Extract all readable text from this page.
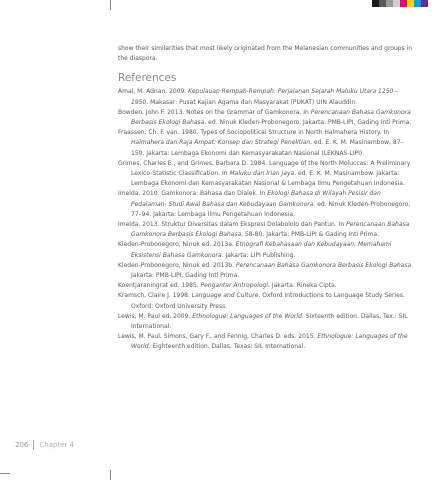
show their similarities that most likely originated from the Melanesian communities and groups in the diaspora.

References

Amal, M. Adnan. 2009. Kepulauan Rempah-Rempah: Perjalanan Sejarah Maluku Utara 1250 – 1950. Makasar: Pusat Kajian Agama dan Masyarakat (PUKAT) UIN Alauddin.

Bowden, John F. 2013. Notes on the Grammar of Gamkonora. In Perencanaan Bahasa Gamkonora Berbasis Ekologi Bahasa. ed. Ninuk Kleden-Probonegoro. Jakarta: PMB-LIPI, Gading Inti Prima.

Fraassen, Ch. F. van. 1980. Types of Sociopolitical Structure in North Halmahera History. In Halmahera dan Raja Ampat: Konsep dan Strategi Penelitian. ed. E. K. M. Masinambow, 87–150. Jakarta: Lembaga Ekonomi dan Kemasyarakatan Nasional (LEKNAS-LIPI).

Grimes, Charles E., and Grimes, Barbara D. 1984. Language of the North Moluccas: A Preliminary Lexico-Statistic Classification. In Maluku dan Irian Jaya. ed. E. K. M. Masinambow. Jakarta: Lembaga Ekonomi dan Kemasyarakatan Nasional & Lembaga Ilmu Pengetahuan Indonesia.

Imelda. 2010. Gamkonora: Bahasa dan Dialek. In Ekologi Bahasa di Wilayah Pesisir dan Pedalaman- Studi Awal Bahasa dan Kebudayaan Gamkonora. ed. Ninuk Kleden-Probonegoro, 77–94. Jakarta: Lembaga Ilmu Pengetahuan Indonesia.

Imelda. 2013. Struktur Diversitas dalam Ekspresi Dolabololo dan Pantun. In Perencanaan Bahasa Gamkonora Berbasis Ekologi Bahasa, 58-80. Jakarta: PMB-LIPI & Gading Inti Prima.

Kleden-Probonegoro, Ninuk ed. 2013a. Etnografi Kebahasaan dan Kebudayaan: Memahami Eksistensi Bahasa Gamkonora. Jakarta: LIPI Publishing.

Kleden-Probonegoro, Ninuk ed. 2013b. Perencanaan Bahasa Gamkonora Berbasis Ekologi Bahasa. Jakarta: PMB-LIPI, Gading Inti Prima.

Koentjaraningrat ed. 1985. Pengantar Antropologi. Jakarta: Rineka Cipta.

Kramsch, Claire J. 1998. Language and Culture. Oxford Introductions to Language Study Series. Oxford: Oxford University Press.

Lewis, M. Paul ed. 2009. Ethnologue: Languages of the World. Sixteenth edition. Dallas, Tex.: SIL International.

Lewis, M. Paul, Simons, Gary F., and Fennig, Charles D. eds. 2015. Ethnologue: Languages of the World. Eighteenth edition. Dallas, Texas: SIL International.

206 Chapter 4
